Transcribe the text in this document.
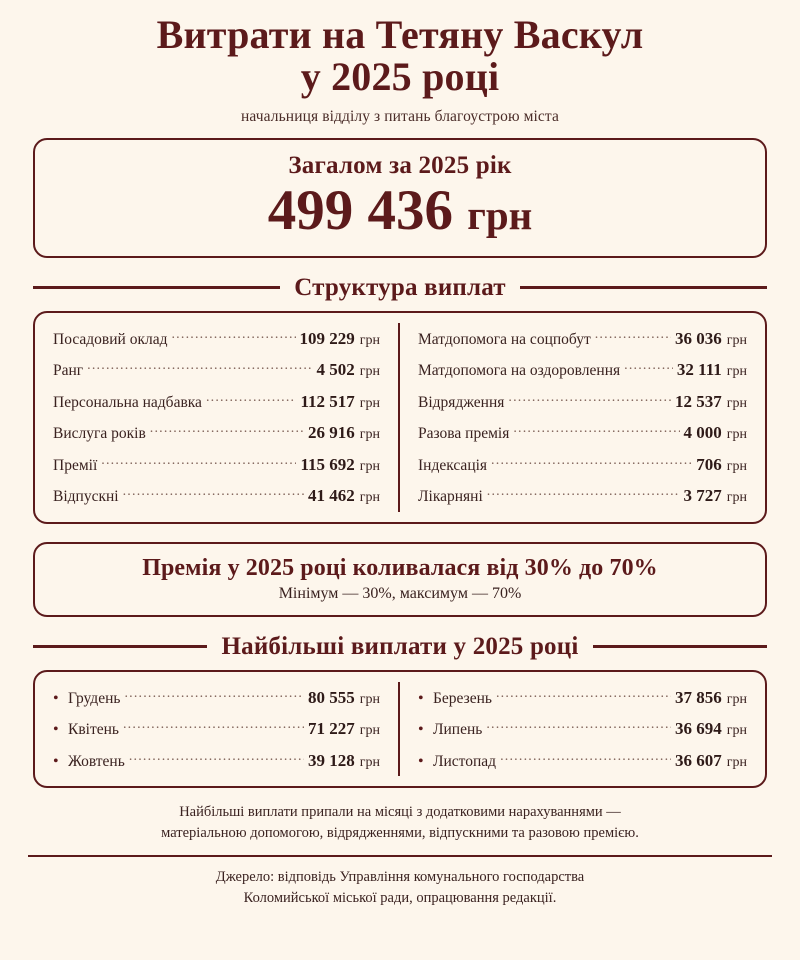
Витрати на Тетяну Васкул
у 2025 році
начальниця відділу з питань благоустрою міста
Загалом за 2025 рік
499 436 грн
Структура виплат
Посадовий оклад .....	109 229 грн
Ранг .....	4 502 грн
Персональна надбавка .....	112 517 грн
Вислуга років .....	26 916 грн
Премії .....	115 692 грн
Відпускні .....	41 462 грн
Матдопомога на соцпобут .....	36 036 грн
Матдопомога на оздоровлення .....	32 111 грн
Відрядження .....	12 537 грн
Разова премія .....	4 000 грн
Індексація .....	706 грн
Лікарняні .....	3 727 грн
Премія у 2025 році коливалася від 30% до 70%
Мінімум — 30%, максимум — 70%
Найбільші виплати у 2025 році
• Грудень .....	80 555 грн
• Квітень .....	71 227 грн
• Жовтень .....	39 128 грн
• Березень .....	37 856 грн
• Липень .....	36 694 грн
• Листопад .....	36 607 грн
Найбільші виплати припали на місяці з додатковими нарахуваннями —
матеріальною допомогою, відрядженнями, відпускними та разовою премією.
Джерело: відповідь Управління комунального господарства
Коломийської міської ради, опрацювання редакції.
